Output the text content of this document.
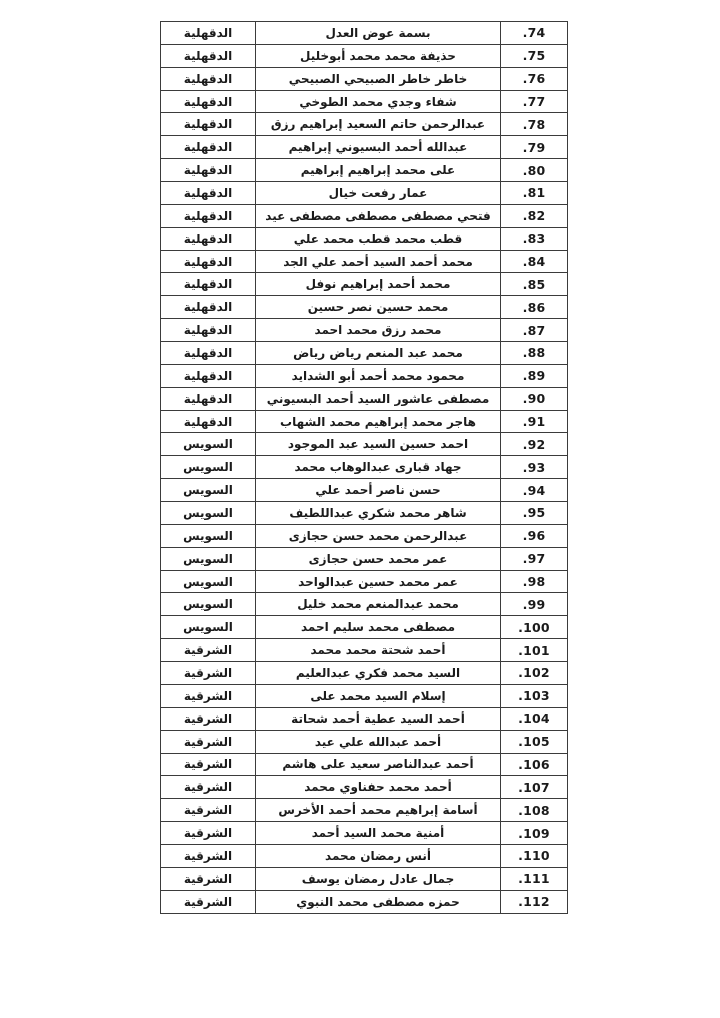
.74	بسمة عوض العدل	الدقهلية
.75	حذيفة محمد محمد أبوخليل	الدقهلية
.76	خاطر خاطر الصبيحي الصبيحي	الدقهلية
.77	شفاء وجدي محمد الطوخي	الدقهلية
.78	عبدالرحمن حاتم السعيد إبراهيم رزق	الدقهلية
.79	عبدالله أحمد البسيوني إبراهيم	الدقهلية
.80	على محمد إبراهيم إبراهيم	الدقهلية
.81	عمار رفعت خيال	الدقهلية
.82	فتحي مصطفى مصطفى مصطفى عيد	الدقهلية
.83	قطب محمد قطب محمد علي	الدقهلية
.84	محمد أحمد السيد أحمد علي الجد	الدقهلية
.85	محمد أحمد إبراهيم نوفل	الدقهلية
.86	محمد حسين نصر حسين	الدقهلية
.87	محمد رزق محمد احمد	الدقهلية
.88	محمد عبد المنعم رياض رياض	الدقهلية
.89	محمود محمد أحمد أبو الشدايد	الدقهلية
.90	مصطفى عاشور السيد أحمد البسيوني	الدقهلية
.91	هاجر محمد إبراهيم محمد الشهاب	الدقهلية
.92	احمد حسين السيد عبد الموجود	السويس
.93	جهاد قبارى عبدالوهاب محمد	السويس
.94	حسن ناصر أحمد علي	السويس
.95	شاهر محمد شكري عبداللطيف	السويس
.96	عبدالرحمن محمد حسن حجازى	السويس
.97	عمر محمد حسن حجازى	السويس
.98	عمر محمد حسين عبدالواحد	السويس
.99	محمد عبدالمنعم محمد خليل	السويس
.100	مصطفى محمد سليم احمد	السويس
.101	أحمد شحتة محمد محمد	الشرقية
.102	السيد محمد فكري عبدالعليم	الشرقية
.103	إسلام السيد محمد على	الشرقية
.104	أحمد السيد عطية أحمد شحاتة	الشرقية
.105	أحمد عبدالله علي عيد	الشرقية
.106	أحمد عبدالناصر سعيد على هاشم	الشرقية
.107	أحمد محمد حفناوي محمد	الشرقية
.108	أسامة إبراهيم محمد أحمد الأخرس	الشرقية
.109	أمنية محمد السيد أحمد	الشرقية
.110	أنس رمضان محمد	الشرقية
.111	جمال عادل رمضان يوسف	الشرقية
.112	حمزه مصطفى محمد النبوي	الشرقية
